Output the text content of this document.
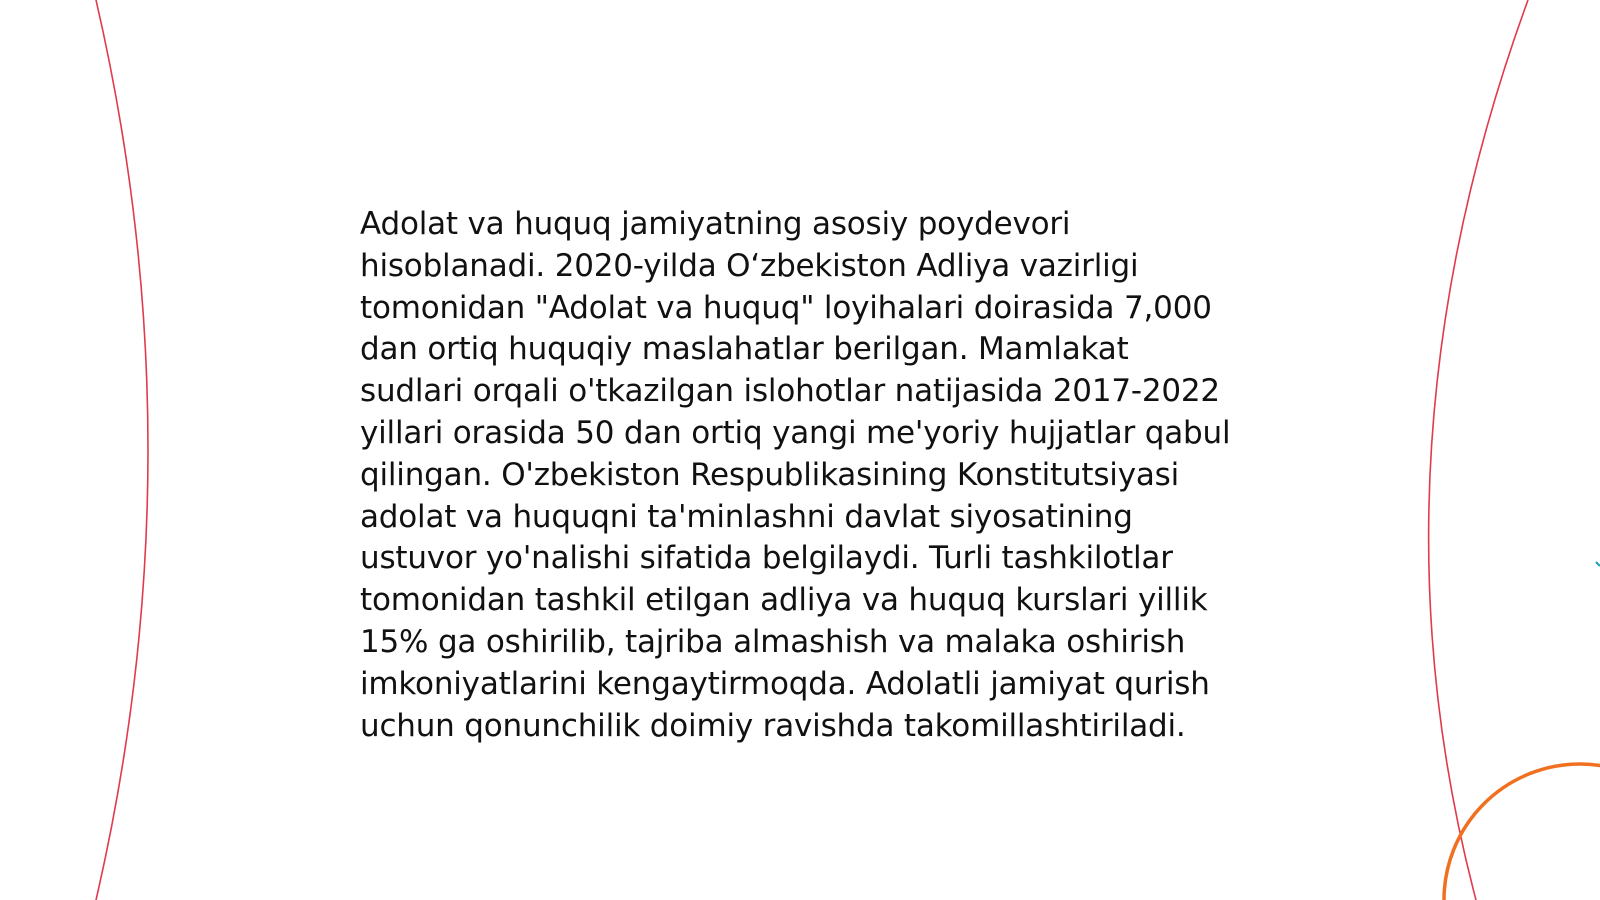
Adolat va huquq jamiyatning asosiy poydevori hisoblanadi. 2020-yilda O‘zbekiston Adliya vazirligi tomonidan "Adolat va huquq" loyihalari doirasida 7,000 dan ortiq huquqiy maslahatlar berilgan. Mamlakat sudlari orqali o'tkazilgan islohotlar natijasida 2017-2022 yillari orasida 50 dan ortiq yangi me'yoriy hujjatlar qabul qilingan. O'zbekiston Respublikasining Konstitutsiyasi adolat va huquqni ta'minlashni davlat siyosatining ustuvor yo'nalishi sifatida belgilaydi. Turli tashkilotlar tomonidan tashkil etilgan adliya va huquq kurslari yillik 15% ga oshirilib, tajriba almashish va malaka oshirish imkoniyatlarini kengaytirmoqda. Adolatli jamiyat qurish uchun qonunchilik doimiy ravishda takomillashtiriladi.
